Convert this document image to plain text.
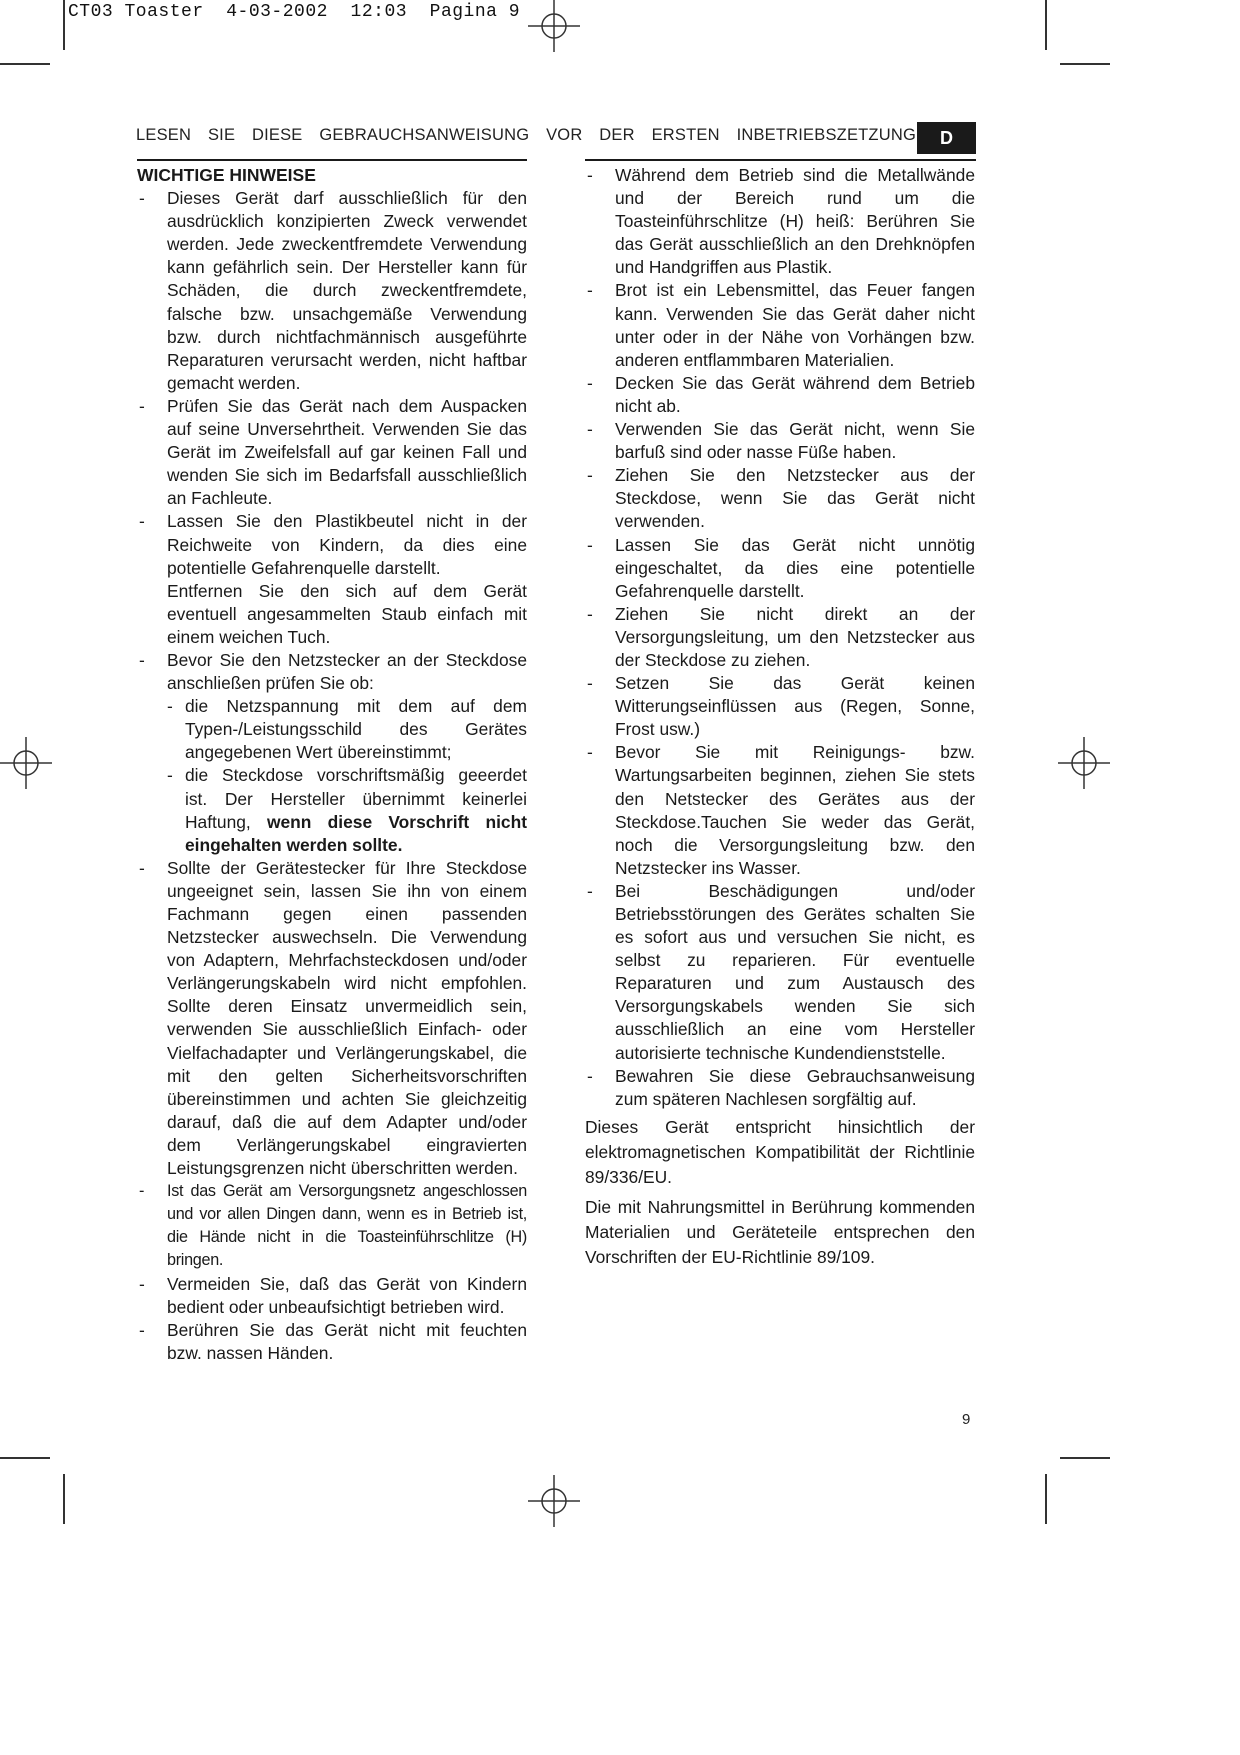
CT03 Toaster  4-03-2002  12:03  Pagina 9
LESEN SIE DIESE GEBRAUCHSANWEISUNG VOR DER ERSTEN INBETRIEBSZETZUNG	D

WICHTIGE HINWEISE

- Dieses Gerät darf ausschließlich für den ausdrücklich konzipierten Zweck verwendet werden. Jede zweckentfremdete Verwendung kann gefährlich sein. Der Hersteller kann für Schäden, die durch zweckentfremdete, falsche bzw. unsachgemäße Verwendung bzw. durch nichtfachmännisch ausgeführte Reparaturen verursacht werden, nicht haftbar gemacht werden.

- Prüfen Sie das Gerät nach dem Auspacken auf seine Unversehrtheit. Verwenden Sie das Gerät im Zweifelsfall auf gar keinen Fall und wenden Sie sich im Bedarfsfall ausschließlich an Fachleute.

- Lassen Sie den Plastikbeutel nicht in der Reichweite von Kindern, da dies eine potentielle Gefahrenquelle darstellt.

Entfernen Sie den sich auf dem Gerät eventuell angesammelten Staub einfach mit einem weichen Tuch.

- Bevor Sie den Netzstecker an der Steckdose anschließen prüfen Sie ob:

- die Netzspannung mit dem auf dem Typen-/Leistungsschild des Gerätes angegebenen Wert übereinstimmt;

- die Steckdose vorschriftsmäßig geeerdet ist. Der Hersteller übernimmt keinerlei Haftung, wenn diese Vorschrift nicht eingehalten werden sollte.

- Sollte der Gerätestecker für Ihre Steckdose ungeeignet sein, lassen Sie ihn von einem Fachmann gegen einen passenden Netzstecker auswechseln. Die Verwendung von Adaptern, Mehrfachsteckdosen und/oder Verlängerungskabeln wird nicht empfohlen. Sollte deren Einsatz unvermeidlich sein, verwenden Sie ausschließlich Einfach- oder Vielfachadapter und Verlängerungskabel, die mit den gelten Sicherheitsvorschriften übereinstimmen und achten Sie gleichzeitig darauf, daß die auf dem Adapter und/oder dem Verlängerungskabel eingravierten Leistungsgrenzen nicht überschritten werden.

- Ist das Gerät am Versorgungsnetz angeschlossen und vor allen Dingen dann, wenn es in Betrieb ist, die Hände nicht in die Toasteinführschlitze (H) bringen.

- Vermeiden Sie, daß das Gerät von Kindern bedient oder unbeaufsichtigt betrieben wird.

- Berühren Sie das Gerät nicht mit feuchten bzw. nassen Händen.

- Während dem Betrieb sind die Metallwände und der Bereich rund um die Toasteinführschlitze (H) heiß: Berühren Sie das Gerät ausschließlich an den Drehknöpfen und Handgriffen aus Plastik.

- Brot ist ein Lebensmittel, das Feuer fangen kann. Verwenden Sie das Gerät daher nicht unter oder in der Nähe von Vorhängen bzw. anderen entflammbaren Materialien.

- Decken Sie das Gerät während dem Betrieb nicht ab.

- Verwenden Sie das Gerät nicht, wenn Sie barfuß sind oder nasse Füße haben.

- Ziehen Sie den Netzstecker aus der Steckdose, wenn Sie das Gerät nicht verwenden.

- Lassen Sie das Gerät nicht unnötig eingeschaltet, da dies eine potentielle Gefahrenquelle darstellt.

- Ziehen Sie nicht direkt an der Versorgungsleitung, um den Netzstecker aus der Steckdose zu ziehen.

- Setzen Sie das Gerät keinen Witterungseinflüssen aus (Regen, Sonne, Frost usw.)

- Bevor Sie mit Reinigungs- bzw. Wartungsarbeiten beginnen, ziehen Sie stets den Netstecker des Gerätes aus der Steckdose.Tauchen Sie weder das Gerät, noch die Versorgungsleitung bzw. den Netzstecker ins Wasser.

- Bei Beschädigungen und/oder Betriebsstörungen des Gerätes schalten Sie es sofort aus und versuchen Sie nicht, es selbst zu reparieren. Für eventuelle Reparaturen und zum Austausch des Versorgungskabels wenden Sie sich ausschließlich an eine vom Hersteller autorisierte technische Kundendienststelle.

- Bewahren Sie diese Gebrauchsanweisung zum späteren Nachlesen sorgfältig auf.

Dieses Gerät entspricht hinsichtlich der elektromagnetischen Kompatibilität der Richtlinie 89/336/EU.

Die mit Nahrungsmittel in Berührung kommenden Materialien und Geräteteile entsprechen den Vorschriften der EU-Richtlinie 89/109.

9
